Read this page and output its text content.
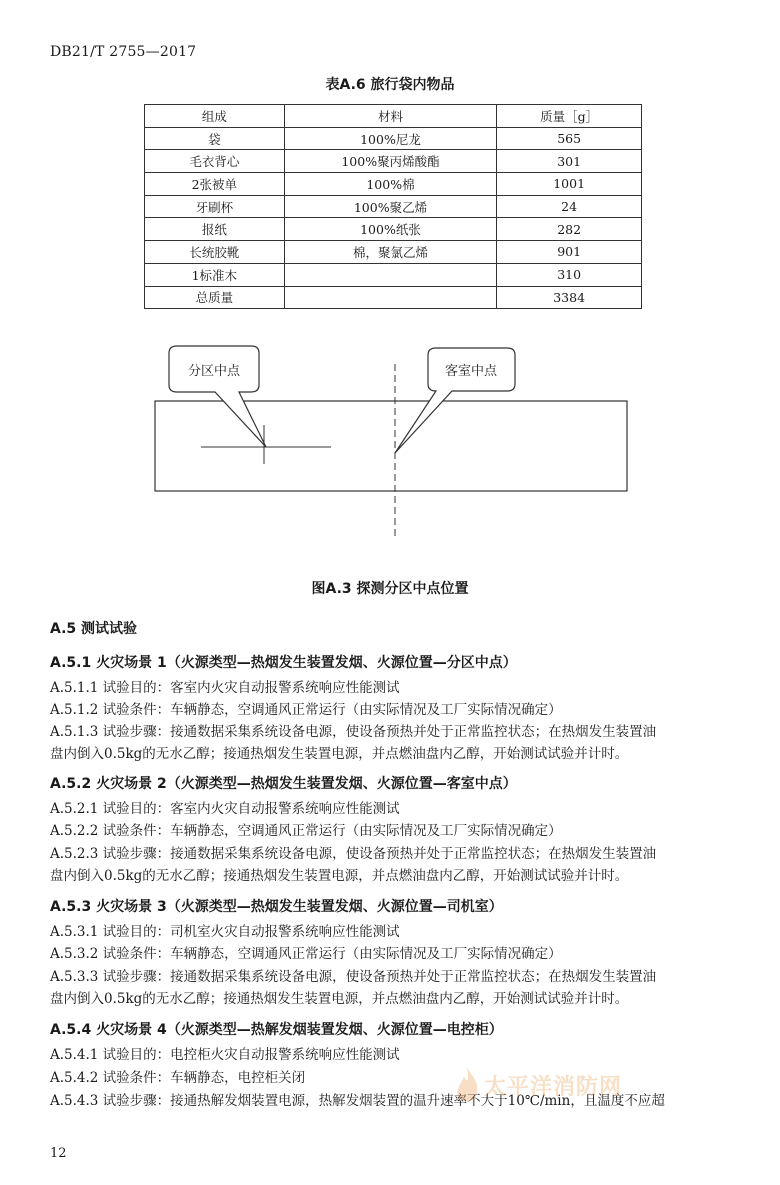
DB21/T 2755—2017
表A.6 旅行袋内物品
组成	材料	质量［g］
袋	100%尼龙	565
毛衣背心	100%聚丙烯酸酯	301
2张被单	100%棉	1001
牙刷杯	100%聚乙烯	24
报纸	100%纸张	282
长统胶靴	棉，聚氯乙烯	901
1标准木		310
总质量		3384
分区中点	客室中点
图A.3 探测分区中点位置
A.5 测试试验
A.5.1 火灾场景 1（火源类型—热烟发生装置发烟、火源位置—分区中点）
A.5.1.1 试验目的：客室内火灾自动报警系统响应性能测试
A.5.1.2 试验条件：车辆静态，空调通风正常运行（由实际情况及工厂实际情况确定）
A.5.1.3 试验步骤：接通数据采集系统设备电源，使设备预热并处于正常监控状态；在热烟发生装置油
盘内倒入0.5kg的无水乙醇；接通热烟发生装置电源，并点燃油盘内乙醇，开始测试试验并计时。
A.5.2 火灾场景 2（火源类型—热烟发生装置发烟、火源位置—客室中点）
A.5.2.1 试验目的：客室内火灾自动报警系统响应性能测试
A.5.2.2 试验条件：车辆静态，空调通风正常运行（由实际情况及工厂实际情况确定）
A.5.2.3 试验步骤：接通数据采集系统设备电源，使设备预热并处于正常监控状态；在热烟发生装置油
盘内倒入0.5kg的无水乙醇；接通热烟发生装置电源，并点燃油盘内乙醇，开始测试试验并计时。
A.5.3 火灾场景 3（火源类型—热烟发生装置发烟、火源位置—司机室）
A.5.3.1 试验目的：司机室火灾自动报警系统响应性能测试
A.5.3.2 试验条件：车辆静态，空调通风正常运行（由实际情况及工厂实际情况确定）
A.5.3.3 试验步骤：接通数据采集系统设备电源，使设备预热并处于正常监控状态；在热烟发生装置油
盘内倒入0.5kg的无水乙醇；接通热烟发生装置电源，并点燃油盘内乙醇，开始测试试验并计时。
A.5.4 火灾场景 4（火源类型—热解发烟装置发烟、火源位置—电控柜）
A.5.4.1 试验目的：电控柜火灾自动报警系统响应性能测试
A.5.4.2 试验条件：车辆静态，电控柜关闭
A.5.4.3 试验步骤：接通热解发烟装置电源，热解发烟装置的温升速率不大于10℃/min，且温度不应超
太平洋消防网
12
